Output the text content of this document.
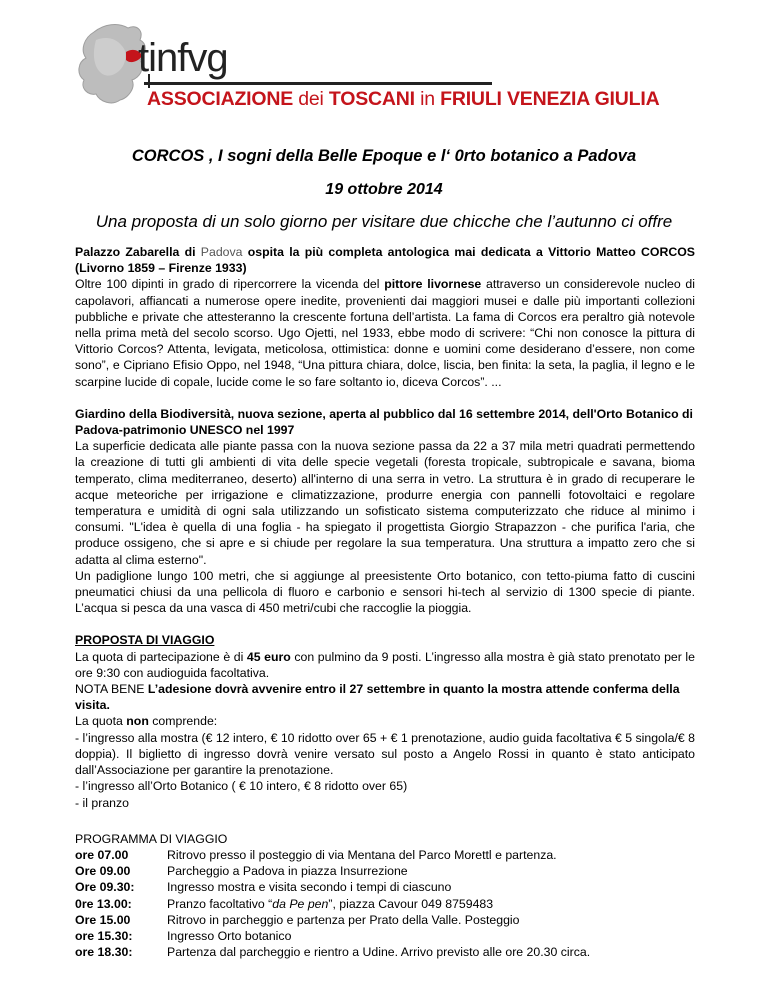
tinfvg
ASSOCIAZIONE dei TOSCANI in FRIULI VENEZIA GIULIA
CORCOS , I sogni della Belle Epoque e l‘ 0rto botanico a Padova
19 ottobre 2014
Una proposta di un solo giorno per visitare due chicche che l’autunno ci offre

Palazzo Zabarella di Padova ospita la più completa antologica mai dedicata a Vittorio Matteo CORCOS (Livorno 1859 – Firenze 1933)

Oltre 100 dipinti in grado di ripercorrere la vicenda del pittore livornese attraverso un considerevole nucleo di capolavori, affiancati a numerose opere inedite, provenienti dai maggiori musei e dalle più importanti collezioni pubbliche e private che attesteranno la crescente fortuna dell’artista. La fama di Corcos era peraltro già notevole nella prima metà del secolo scorso. Ugo Ojetti, nel 1933, ebbe modo di scrivere: “Chi non conosce la pittura di Vittorio Corcos? Attenta, levigata, meticolosa, ottimistica: donne e uomini come desiderano d’essere, non come sono”, e Cipriano Efisio Oppo, nel 1948, “Una pittura chiara, dolce, liscia, ben finita: la seta, la paglia, il legno e le scarpine lucide di copale, lucide come le so fare soltanto io, diceva Corcos”. ...

Giardino della Biodiversità, nuova sezione, aperta al pubblico dal 16 settembre 2014, dell'Orto Botanico di Padova-patrimonio UNESCO nel 1997

La superficie dedicata alle piante passa con la nuova sezione passa da 22 a 37 mila metri quadrati permettendo la creazione di tutti gli ambienti di vita delle specie vegetali (foresta tropicale, subtropicale e savana, bioma temperato, clima mediterraneo, deserto) all'interno di una serra in vetro. La struttura è in grado di recuperare le acque meteoriche per irrigazione e climatizzazione, produrre energia con pannelli fotovoltaici e regolare temperatura e umidità di ogni sala utilizzando un sofisticato sistema computerizzato che riduce al minimo i consumi. "L'idea è quella di una foglia - ha spiegato il progettista Giorgio Strapazzon - che purifica l'aria, che produce ossigeno, che si apre e si chiude per regolare la sua temperatura. Una struttura a impatto zero che si adatta al clima esterno".

Un padiglione lungo 100 metri, che si aggiunge al preesistente Orto botanico, con tetto-piuma fatto di cuscini pneumatici chiusi da una pellicola di fluoro e carbonio e sensori hi-tech al servizio di 1300 specie di piante. L’acqua si pesca da una vasca di 450 metri/cubi che raccoglie la pioggia.

PROPOSTA DI VIAGGIO

La quota di partecipazione è di 45 euro con pulmino da 9 posti. L’ingresso alla mostra è già stato prenotato per le ore 9:30 con audioguida facoltativa.

NOTA BENE L’adesione dovrà avvenire entro il 27 settembre in quanto la mostra attende conferma della visita.

La quota non comprende:

- l’ingresso alla mostra (€ 12 intero, € 10 ridotto over 65 + € 1 prenotazione, audio guida facoltativa € 5 singola/€ 8 doppia). Il biglietto di ingresso dovrà venire versato sul posto a Angelo Rossi in quanto è stato anticipato dall’Associazione per garantire la prenotazione.

- l’ingresso all’Orto Botanico ( € 10 intero, € 8 ridotto over 65)

- il pranzo

PROGRAMMA DI VIAGGIO

ore 07.00	Ritrovo presso il posteggio di via Mentana del Parco Morettl e partenza.
Ore 09.00	Parcheggio a Padova in piazza Insurrezione
Ore 09.30:	Ingresso mostra e visita secondo i tempi di ciascuno
0re 13.00:	Pranzo facoltativo “da Pe pen”, piazza Cavour 049 8759483
Ore 15.00	Ritrovo in parcheggio e partenza per Prato della Valle. Posteggio
ore 15.30:	Ingresso Orto botanico
ore 18.30:	Partenza dal parcheggio e rientro a Udine. Arrivo previsto alle ore 20.30 circa.
